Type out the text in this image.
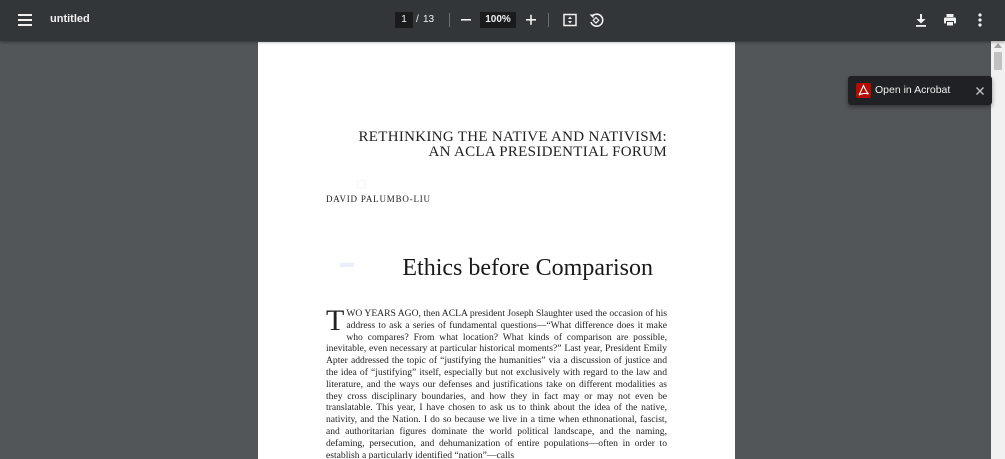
untitled	1 / 13	100%
▢
▬
RETHINKING THE NATIVE AND NATIVISM:
AN ACLA PRESIDENTIAL FORUM
DAVID PALUMBO-LIU
Ethics before Comparison
TWO YEARS AGO, then ACLA president Joseph Slaughter used the occasion of his address to ask a series of fundamental questions—“What difference does it make who compares? From what location? What kinds of comparison are possible, inevitable, even necessary at particular historical moments?” Last year, President Emily Apter addressed the topic of “justifying the humanities” via a discussion of justice and the idea of “justifying” itself, especially but not exclusively with regard to the law and literature, and the ways our defenses and justifications take on different modalities as they cross disciplinary boundaries, and how they in fact may or may not even be translatable. This year, I have chosen to ask us to think about the idea of the native, nativity, and the Nation. I do so because we live in a time when ethnonational, fascist, and authoritarian figures dominate the world political landscape, and the naming, defaming, persecution, and dehumanization of entire populations—often in order to establish a particularly identified “nation”—calls
Open in Acrobat
